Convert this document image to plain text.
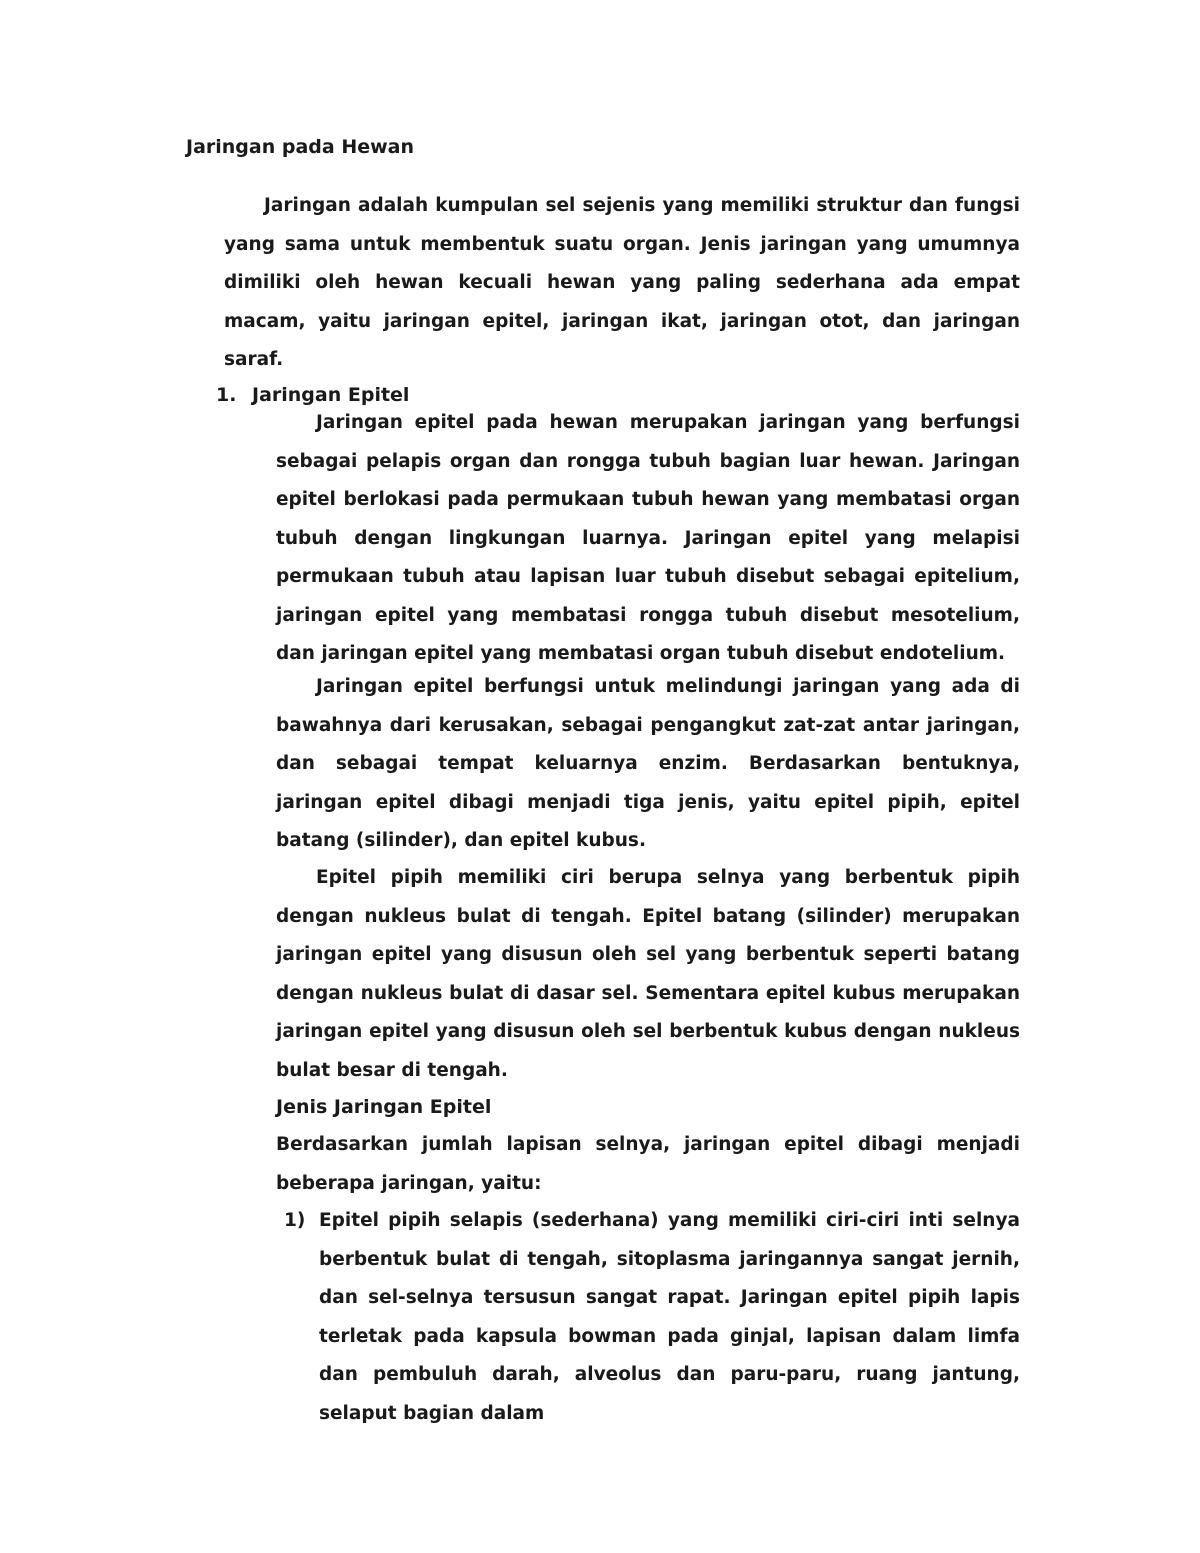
Jaringan pada Hewan

Jaringan adalah kumpulan sel sejenis yang memiliki struktur dan fungsi yang sama untuk membentuk suatu organ. Jenis jaringan yang umumnya dimiliki oleh hewan kecuali hewan yang paling sederhana ada empat macam, yaitu jaringan epitel, jaringan ikat, jaringan otot, dan jaringan saraf.

1. Jaringan Epitel

Jaringan epitel pada hewan merupakan jaringan yang berfungsi sebagai pelapis organ dan rongga tubuh bagian luar hewan. Jaringan epitel berlokasi pada permukaan tubuh hewan yang membatasi organ tubuh dengan lingkungan luarnya. Jaringan epitel yang melapisi permukaan tubuh atau lapisan luar tubuh disebut sebagai epitelium, jaringan epitel yang membatasi rongga tubuh disebut mesotelium, dan jaringan epitel yang membatasi organ tubuh disebut endotelium.

Jaringan epitel berfungsi untuk melindungi jaringan yang ada di bawahnya dari kerusakan, sebagai pengangkut zat-zat antar jaringan, dan sebagai tempat keluarnya enzim. Berdasarkan bentuknya, jaringan epitel dibagi menjadi tiga jenis, yaitu epitel pipih, epitel batang (silinder), dan epitel kubus.

Epitel pipih memiliki ciri berupa selnya yang berbentuk pipih dengan nukleus bulat di tengah. Epitel batang (silinder) merupakan jaringan epitel yang disusun oleh sel yang berbentuk seperti batang dengan nukleus bulat di dasar sel. Sementara epitel kubus merupakan jaringan epitel yang disusun oleh sel berbentuk kubus dengan nukleus bulat besar di tengah.

Jenis Jaringan Epitel

Berdasarkan jumlah lapisan selnya, jaringan epitel dibagi menjadi beberapa jaringan, yaitu:

1) Epitel pipih selapis (sederhana) yang memiliki ciri-ciri inti selnya berbentuk bulat di tengah, sitoplasma jaringannya sangat jernih, dan sel-selnya tersusun sangat rapat. Jaringan epitel pipih lapis terletak pada kapsula bowman pada ginjal, lapisan dalam limfa dan pembuluh darah, alveolus dan paru-paru, ruang jantung, selaput bagian dalam
